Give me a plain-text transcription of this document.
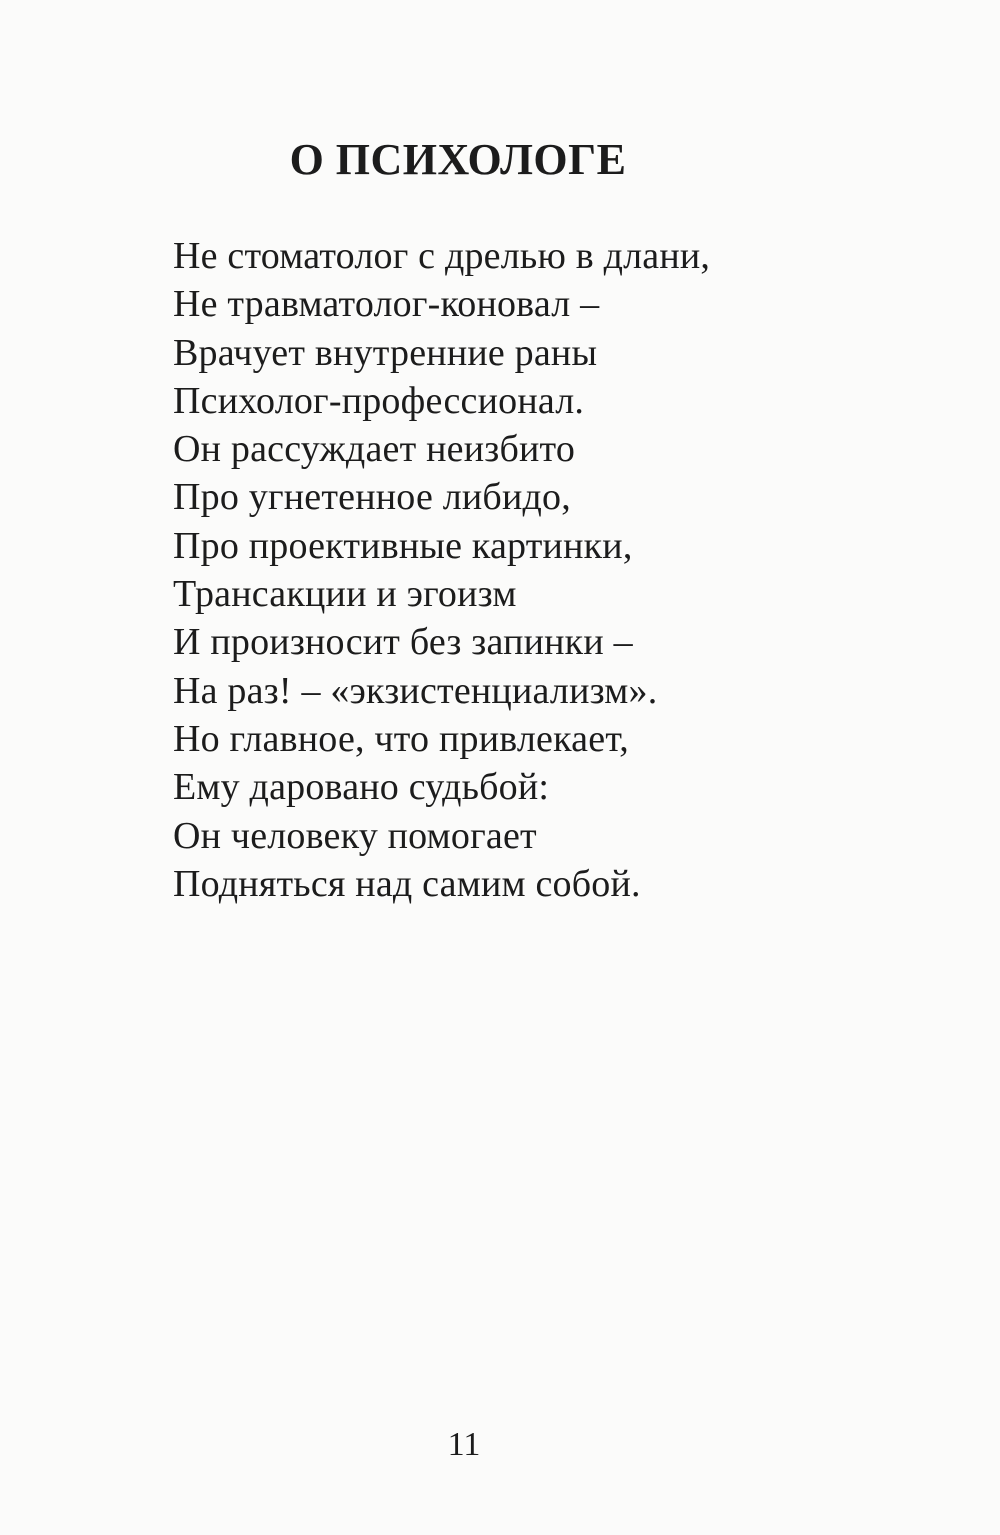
О ПСИХОЛОГЕ
Не стоматолог с дрелью в длани,
Не травматолог-коновал –
Врачует внутренние раны
Психолог-профессионал.
Он рассуждает неизбито
Про угнетенное либидо,
Про проективные картинки,
Трансакции и эгоизм
И произносит без запинки –
На раз! – «экзистенциализм».
Но главное, что привлекает,
Ему даровано судьбой:
Он человеку помогает
Подняться над самим собой.
11
